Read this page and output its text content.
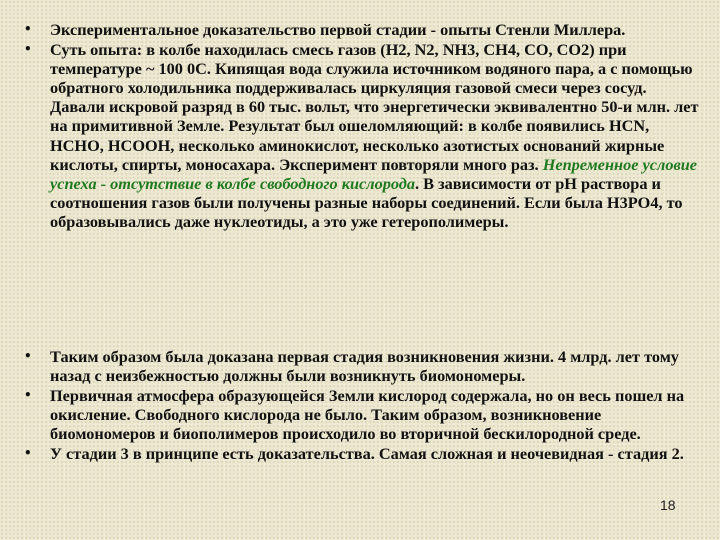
• Экспериментальное доказательство первой стадии - опыты Стенли Миллера.

• Суть опыта: в колбе находилась смесь газов (H2, N2, NH3, CH4, CO, CO2) при температуре ~ 100 0C. Кипящая вода служила источником водяного пара, а с помощью обратного холодильника поддерживалась циркуляция газовой смеси через сосуд. Давали искровой разряд в 60 тыс. вольт, что энергетически эквивалентно 50-и млн. лет на примитивной Земле. Результат был ошеломляющий: в колбе появились HCN, HCHO, HCOOH, несколько аминокислот, несколько азотистых оснований жирные кислоты, спирты, моносахара. Эксперимент повторяли много раз. Непременное условие успеха - отсутствие в колбе свободного кислорода. В зависимости от pH раствора и соотношения газов были получены разные наборы соединений. Если была H3PO4, то образовывались даже нуклеотиды, а это уже гетерополимеры.

• Таким образом была доказана первая стадия возникновения жизни. 4 млрд. лет тому назад с неизбежностью должны были возникнуть биомономеры.

• Первичная атмосфера образующейся Земли кислород содержала, но он весь пошел на окисление. Свободного кислорода не было. Таким образом, возникновение биомономеров и биополимеров происходило во вторичной бескилородной среде.

• У стадии 3 в принципе есть доказательства. Самая сложная и неочевидная - стадия 2.

18
